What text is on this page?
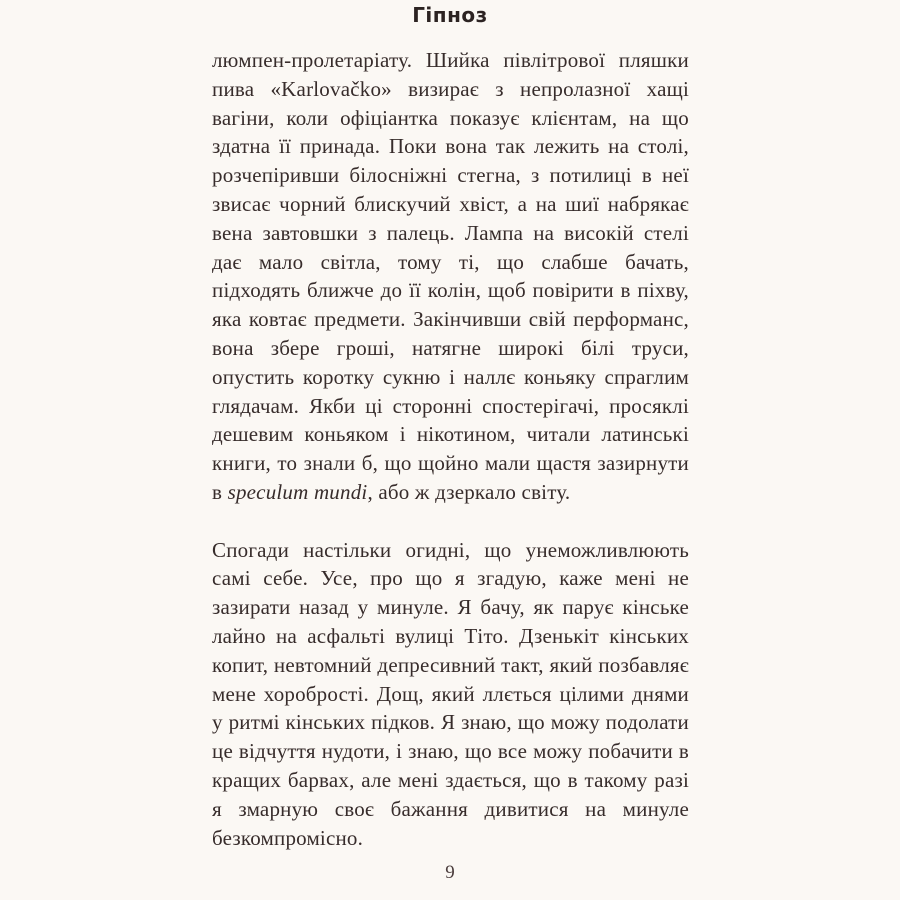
Гіпноз

люмпен-пролетаріату. Шийка півлітрової пляшки пива «Karlovačko» визирає з непролазної хащі вагіни, коли офіціантка показує клієнтам, на що здатна її принада. Поки вона так лежить на столі, розчепіривши білосніжні стегна, з потилиці в неї звисає чорний блискучий хвіст, а на шиї набрякає вена завтовшки з палець. Лампа на високій стелі дає мало світла, тому ті, що слабше бачать, підходять ближче до її колін, щоб повірити в піхву, яка ковтає предмети. Закінчивши свій перформанс, вона збере гроші, натягне широкі білі труси, опустить коротку сукню і наллє коньяку спраглим глядачам. Якби ці сторонні спостерігачі, просяклі дешевим коньяком і нікотином, читали латинські книги, то знали б, що щойно мали щастя зазирнути в speculum mundi, або ж дзеркало світу.

Спогади настільки огидні, що унеможливлюють самі себе. Усе, про що я згадую, каже мені не зазирати назад у минуле. Я бачу, як парує кінське лайно на асфальті вулиці Тіто. Дзенькіт кінських копит, невтомний депресивний такт, який позбавляє мене хоробрості. Дощ, який ллється цілими днями у ритмі кінських підков. Я знаю, що можу подолати це відчуття нудоти, і знаю, що все можу побачити в кращих барвах, але мені здається, що в такому разі я змарную своє бажання дивитися на минуле безкомпромісно.

9
